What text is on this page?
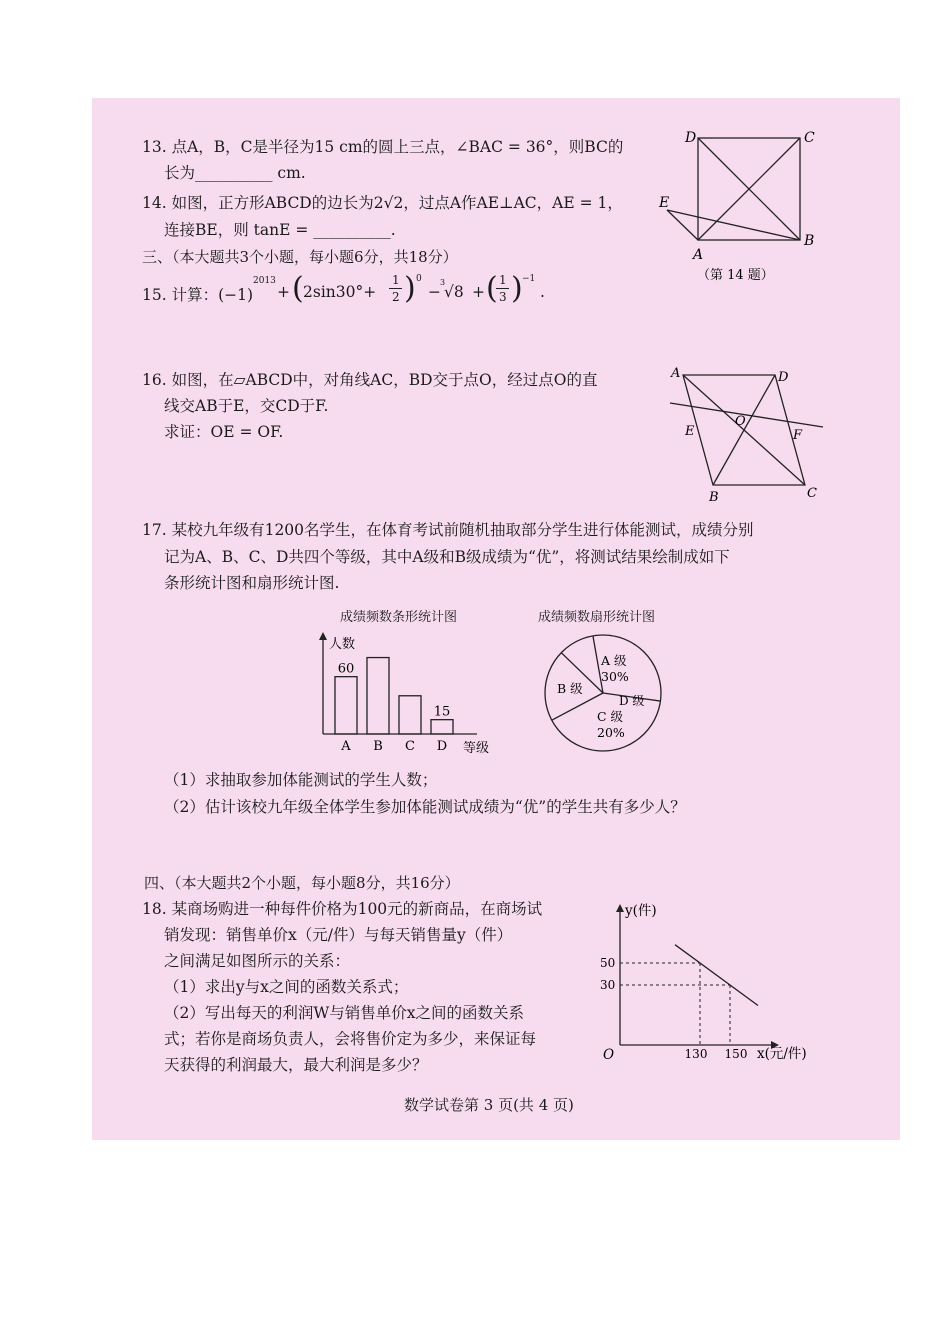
13. 点A，B，C是半径为15 cm的圆上三点，∠BAC = 36°，则BC的
长为__________ cm.
14. 如图，正方形ABCD的边长为2√2，过点A作AE⊥AC，AE = 1，
连接BE，则 tanE = __________.
D	C
E
B
A
（第 14 题）
三、（本大题共3个小题，每小题6分，共18分）
15. 计算：(−1)
2013
+ ( 2sin30°+
1
2 ) 0
−
3
√8 + ( 1
3 ) −1
.
16. 如图，在▱ABCD中，对角线AC，BD交于点O，经过点O的直
线交AB于E，交CD于F.
求证：OE = OF.
A	D
O
E	F
B	C
17. 某校九年级有1200名学生，在体育考试前随机抽取部分学生进行体能测试，成绩分别
记为A、B、C、D共四个等级，其中A级和B级成绩为“优”，将测试结果绘制成如下
条形统计图和扇形统计图.
成绩频数条形统计图
人数
等级
60
15
A B C D
成绩频数扇形统计图
A 级
30%
B 级
D 级
C 级
20%
（1）求抽取参加体能测试的学生人数；
（2）估计该校九年级全体学生参加体能测试成绩为“优”的学生共有多少人？
四、（本大题共2个小题，每小题8分，共16分）
18. 某商场购进一种每件价格为100元的新商品，在商场试
销发现：销售单价x（元/件）与每天销售量y（件）
之间满足如图所示的关系：
（1）求出y与x之间的函数关系式；
（2）写出每天的利润W与销售单价x之间的函数关系
式；若你是商场负责人，会将售价定为多少，来保证每
天获得的利润最大，最大利润是多少？
y(件)
x(元/件)
O
50
30
130 150
数学试卷第 3 页(共 4 页)
